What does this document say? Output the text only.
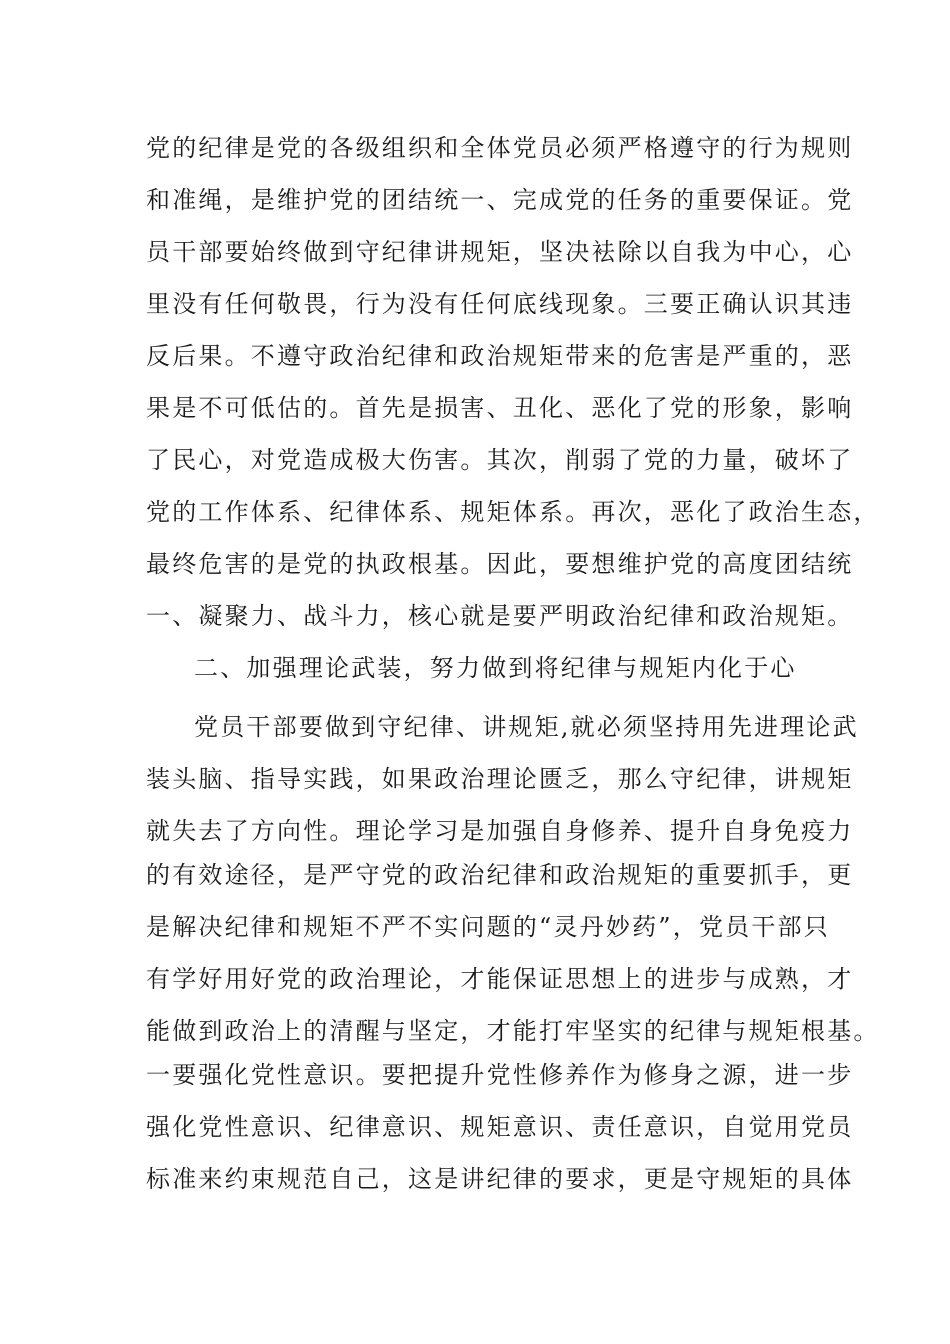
党的纪律是党的各级组织和全体党员必须严格遵守的行为规则
和准绳，是维护党的团结统一、完成党的任务的重要保证。党
员干部要始终做到守纪律讲规矩，坚决袪除以自我为中心，心
里没有任何敬畏，行为没有任何底线现象。三要正确认识其违
反后果。不遵守政治纪律和政治规矩带来的危害是严重的，恶
果是不可低估的。首先是损害、丑化、恶化了党的形象，影响
了民心，对党造成极大伤害。其次，削弱了党的力量，破坏了
党的工作体系、纪律体系、规矩体系。再次，恶化了政治生态，
最终危害的是党的执政根基。因此，要想维护党的高度团结统
一、凝聚力、战斗力，核心就是要严明政治纪律和政治规矩。
二、加强理论武装，努力做到将纪律与规矩内化于心
党员干部要做到守纪律、讲规矩,就必须坚持用先进理论武
装头脑、指导实践，如果政治理论匮乏，那么守纪律，讲规矩
就失去了方向性。理论学习是加强自身修养、提升自身免疫力
的有效途径，是严守党的政治纪律和政治规矩的重要抓手，更
是解决纪律和规矩不严不实问题的“灵丹妙药”，党员干部只
有学好用好党的政治理论，才能保证思想上的进步与成熟，才
能做到政治上的清醒与坚定，才能打牢坚实的纪律与规矩根基。
一要强化党性意识。要把提升党性修养作为修身之源，进一步
强化党性意识、纪律意识、规矩意识、责任意识，自觉用党员
标准来约束规范自己，这是讲纪律的要求，更是守规矩的具体
